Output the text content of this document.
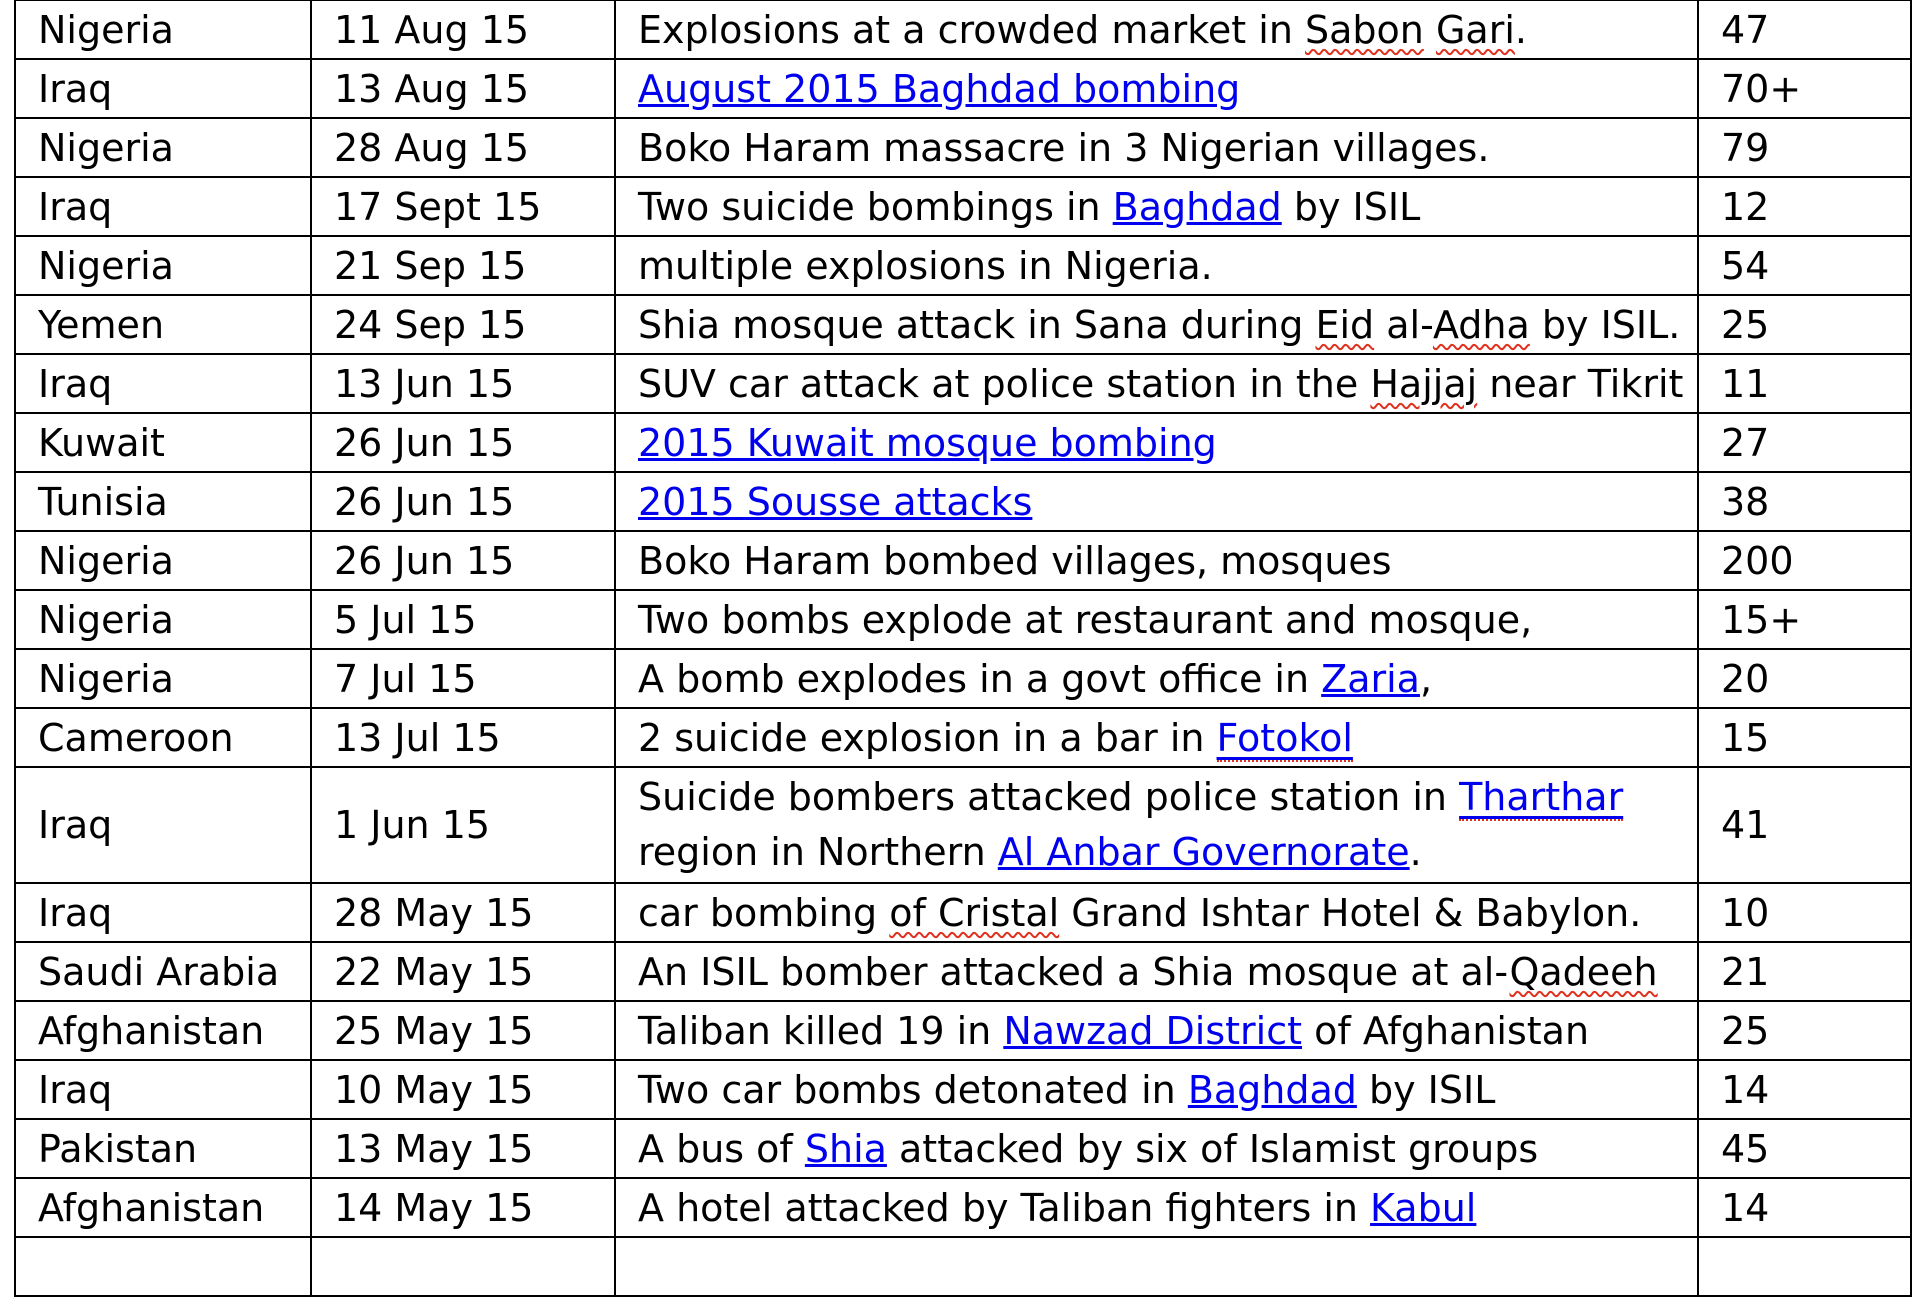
Nigeria	11 Aug 15	Explosions at a crowded market in Sabon Gari.	47
Iraq	13 Aug 15	August 2015 Baghdad bombing	70+
Nigeria	28 Aug 15	Boko Haram massacre in 3 Nigerian villages.	79
Iraq	17 Sept 15	Two suicide bombings in Baghdad by ISIL	12
Nigeria	21 Sep 15	multiple explosions in Nigeria.	54
Yemen	24 Sep 15	Shia mosque attack in Sana during Eid al-Adha by ISIL.	25
Iraq	13 Jun 15	SUV car attack at police station in the Hajjaj near Tikrit	11
Kuwait	26 Jun 15	2015 Kuwait mosque bombing	27
Tunisia	26 Jun 15	2015 Sousse attacks	38
Nigeria	26 Jun 15	Boko Haram bombed villages, mosques	200
Nigeria	5 Jul 15	Two bombs explode at restaurant and mosque,	15+
Nigeria	7 Jul 15	A bomb explodes in a govt office in Zaria,	20
Cameroon	13 Jul 15	2 suicide explosion in a bar in Fotokol	15
Iraq	1 Jun 15	Suicide bombers attacked police station in Tharthar region in Northern Al Anbar Governorate.	41
Iraq	28 May 15	car bombing of Cristal Grand Ishtar Hotel & Babylon.	10
Saudi Arabia	22 May 15	An ISIL bomber attacked a Shia mosque at al-Qadeeh	21
Afghanistan	25 May 15	Taliban killed 19 in Nawzad District of Afghanistan	25
Iraq	10 May 15	Two car bombs detonated in Baghdad by ISIL	14
Pakistan	13 May 15	A bus of Shia attacked by six of Islamist groups	45
Afghanistan	14 May 15	A hotel attacked by Taliban fighters in Kabul	14
